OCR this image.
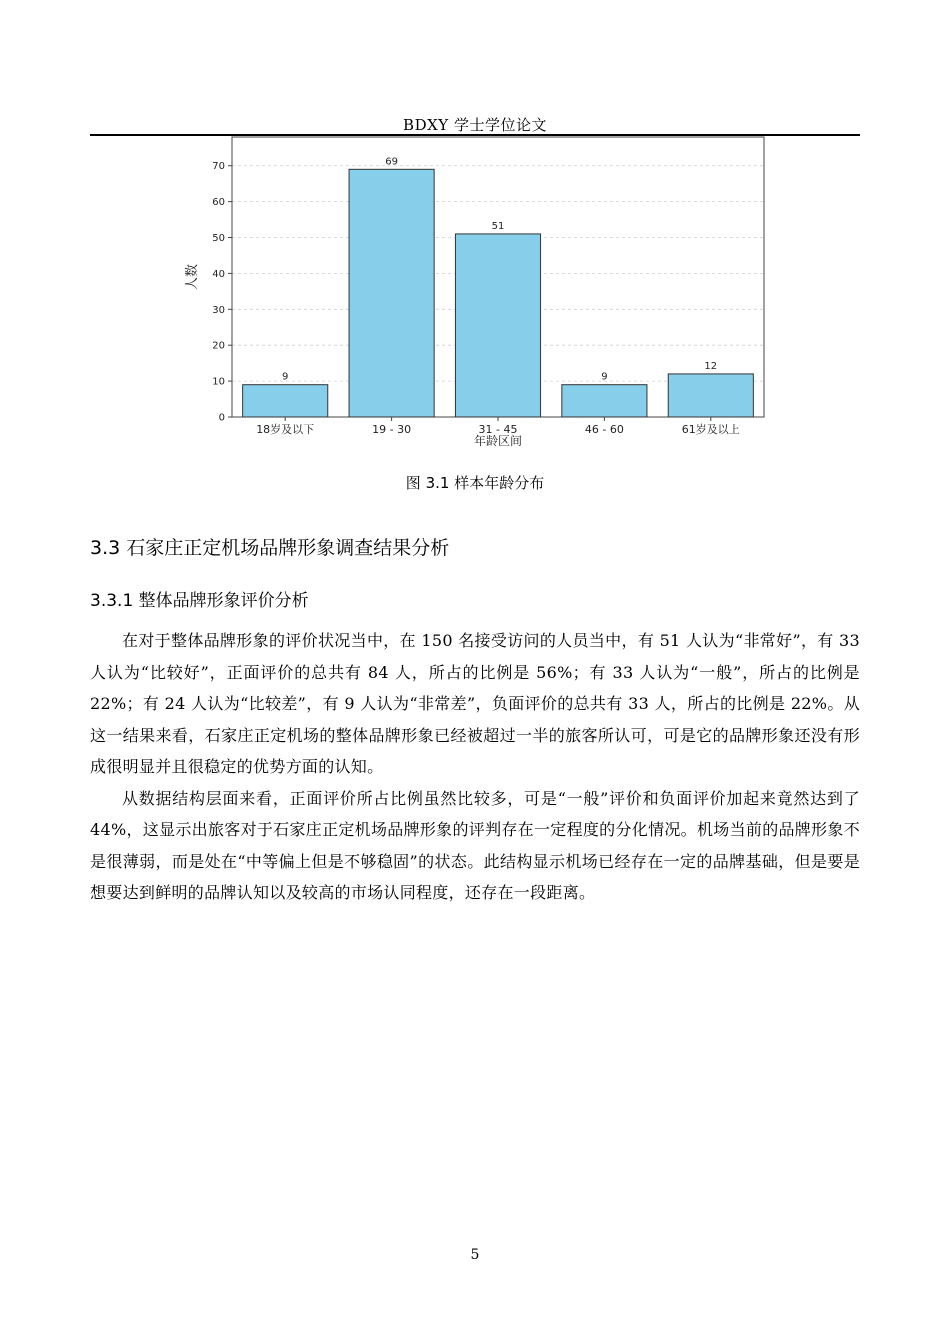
BDXY 学士学位论文
0
10
20
30
40
50
60
70
9
69
51
9
12
18岁及以下	19 - 30	31 - 45	46 - 60	61岁及以上
人数
年龄区间
图 3.1 样本年龄分布
3.3 石家庄正定机场品牌形象调查结果分析
3.3.1 整体品牌形象评价分析

在对于整体品牌形象的评价状况当中，在 150 名接受访问的人员当中，有 51 人认为“非常好”，有 33 人认为“比较好”，正面评价的总共有 84 人，所占的比例是 56%；有 33 人认为“一般”，所占的比例是 22%；有 24 人认为“比较差”，有 9 人认为“非常差”，负面评价的总共有 33 人，所占的比例是 22%。从这一结果来看，石家庄正定机场的整体品牌形象已经被超过一半的旅客所认可，可是它的品牌形象还没有形成很明显并且很稳定的优势方面的认知。

从数据结构层面来看，正面评价所占比例虽然比较多，可是“一般”评价和负面评价加起来竟然达到了 44%，这显示出旅客对于石家庄正定机场品牌形象的评判存在一定程度的分化情况。机场当前的品牌形象不是很薄弱，而是处在“中等偏上但是不够稳固”的状态。此结构显示机场已经存在一定的品牌基础，但是要是想要达到鲜明的品牌认知以及较高的市场认同程度，还存在一段距离。

5
